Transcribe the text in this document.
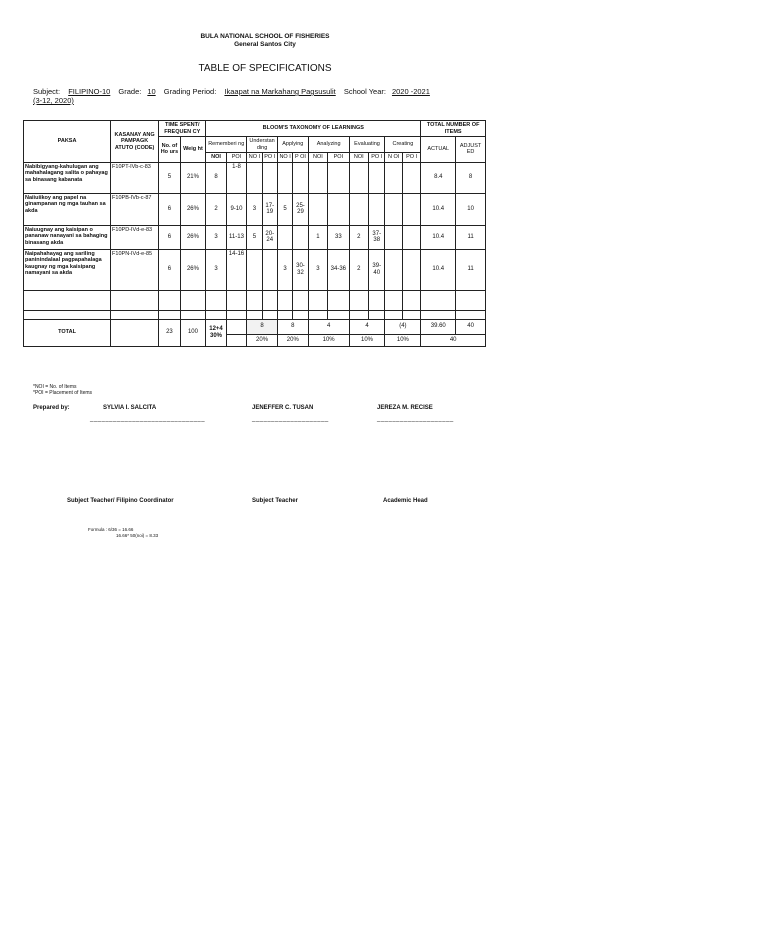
BULA NATIONAL SCHOOL OF FISHERIES
General Santos City
TABLE OF SPECIFICATIONS
Subject: FILIPINO-10 Grade: 10 Grading Period: Ikaapat na Markahang Pagsusulit School Year: 2020 -2021
(3-12, 2020)
PAKSA	KASANAY ANG PAMPAGK ATUTO (CODE)	TIME SPENT/ FREQUEN CY		BLOOM'S TAXONOMY OF LEARNINGS												TOTAL NUMBER OF ITEMS	
		No. of Ho urs	Weig ht	Rememberi ng		Understan ding		Applying		Analyzing		Evaluating		Creating		ACTUAL	ADJUST ED
				NOI	POI	NO I	PO I	NO I	P OI	NOI	POI	NOI	PO I	N OI	PO I		
Nabibigyang-kahulugan ang mahahalagang salita o pahayag sa binasang kabanata	F10PT-IVb-c-83	5	21%	8	1-8											8.4	8
Naiiuiikoy ang papel na ginampanan ng mga tauhan sa akda	F10PB-IVb-c-87	6	26%	2	9-10	3	17-19	5	25-29							10.4	10
Naiuugnay ang kaisipan o pananaw nanayani sa bahaging binasang akda	F10PD-IVd-e-83	6	26%	3	11-13	5	20-24			1	33	2	37-38			10.4	11
Naipahahayag ang sariling paninindalaal pagpapahalaga kaugnay ng mga kaisipang namayani sa akda	F10PN-IVd-e-85	6	26%	3	14-16			3	30-32	3	34-36	2	39-40			10.4	11

TOTAL		23	100	12+4 30%		8		8		4		4		(4)		39.60	40
						20%		20%		10%		10%		10%		40	
*NOI = No. of Items
*POI = Placement of Items
Prepared by:	SYLVIA I. SALCITA	JENEFFER C. TUSAN	JEREZA M. RECISE
______________________________	____________________	____________________
Subject Teacher/ Filipino Coordinator	Subject Teacher	Academic Head
Formula : 6/36 = 16.66
16.66* 50(noi) = 8.33
